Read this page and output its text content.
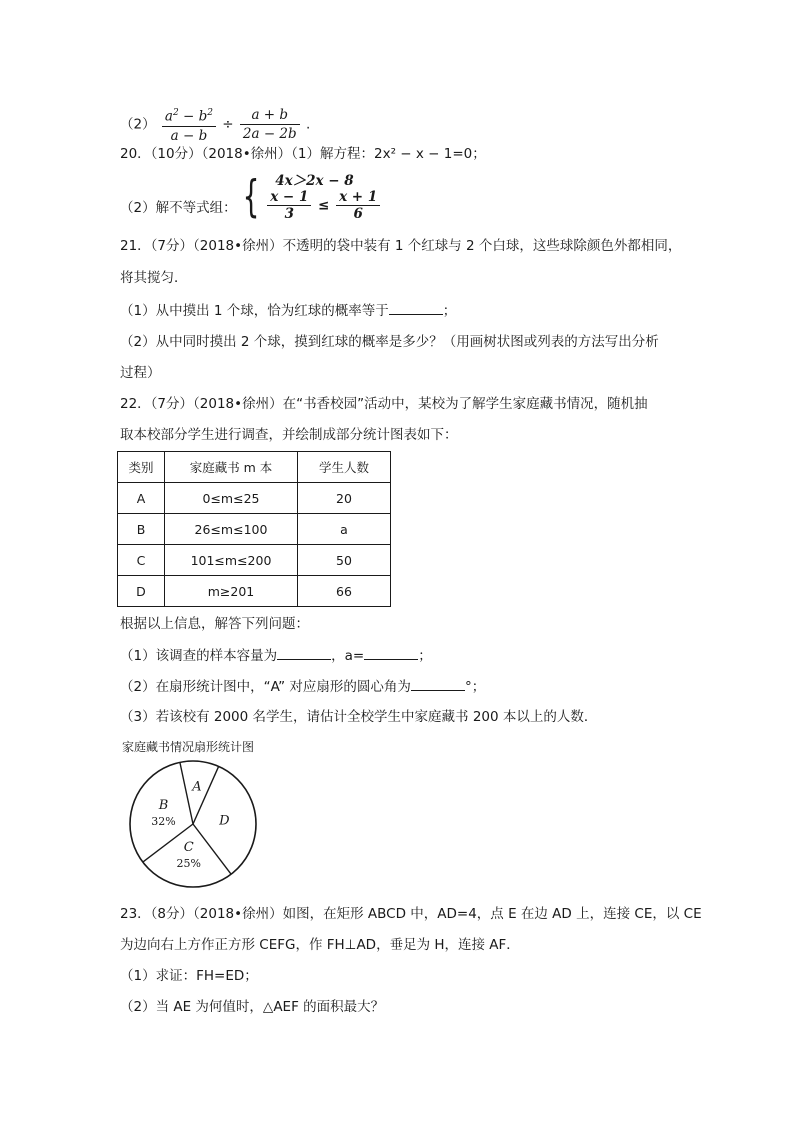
$(2) \frac{a^2 - b^2}{a - b} \div \frac{a + b}{2a - 2b}$ .
20．（10分）（2018•徐州）（1）解方程：2x² − x − 1=0；
（2）解不等式组： {	4x＞2x − 8
$\frac{x - 1}{3} \le \frac{x + 1}{6}$
21．（7分）（2018•徐州）不透明的袋中装有 1 个红球与 2 个白球，这些球除颜色外都相同，
将其搅匀．
（1）从中摸出 1 个球，恰为红球的概率等于	；
（2）从中同时摸出 2 个球，摸到红球的概率是多少？（用画树状图或列表的方法写出分析
过程）
22．（7分）（2018•徐州）在“书香校园”活动中，某校为了解学生家庭藏书情况，随机抽
取本校部分学生进行调查，并绘制成部分统计图表如下：
类别	家庭藏书 m 本	学生人数
A	0≤m≤25	20
B	26≤m≤100	a
C	101≤m≤200	50
D	m≥201	66
根据以上信息，解答下列问题：
（1）该调查的样本容量为	，a=	；
（2）在扇形统计图中，“A” 对应扇形的圆心角为	°；
（3）若该校有 2000 名学生，请估计全校学生中家庭藏书 200 本以上的人数．
家庭藏书情况扇形统计图
A
D
C
25%
B
32%
23．（8分）（2018•徐州）如图，在矩形 ABCD 中，AD=4，点 E 在边 AD 上，连接 CE，以 CE
为边向右上方作正方形 CEFG，作 FH⊥AD，垂足为 H，连接 AF．
（1）求证：FH=ED；
（2）当 AE 为何值时，△AEF 的面积最大？
